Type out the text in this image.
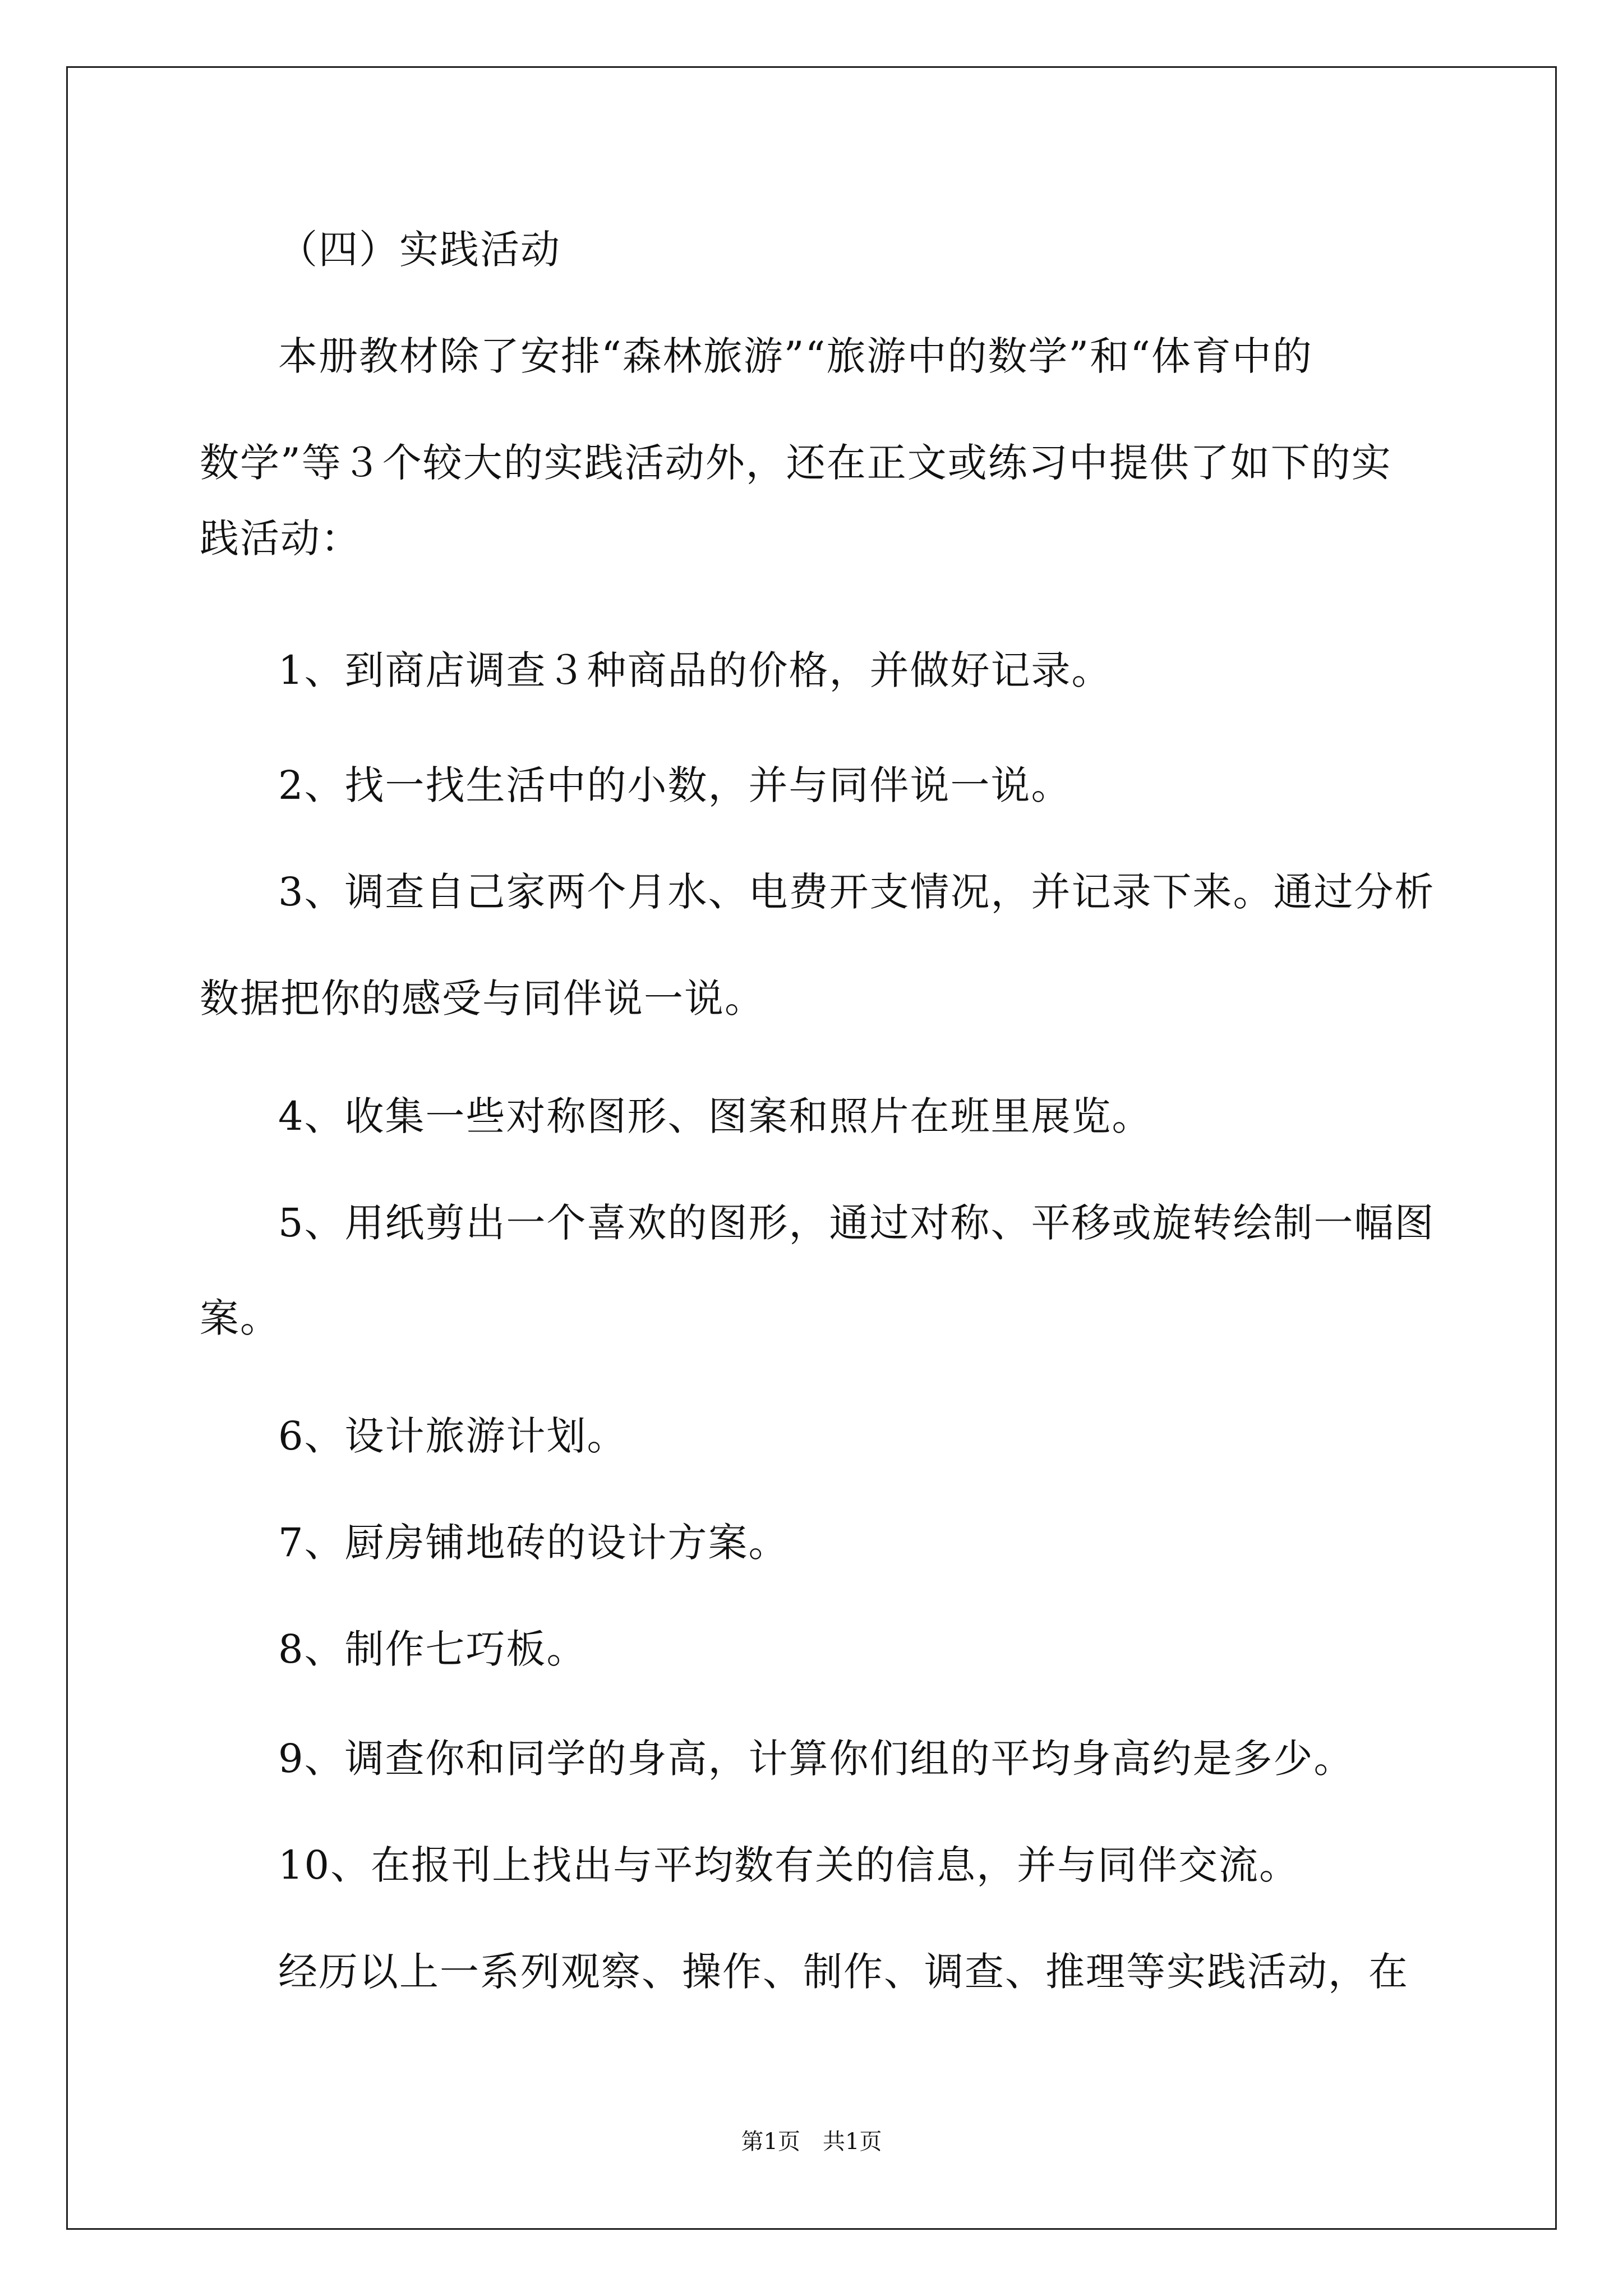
（四）实践活动
本册教材除了安排“森林旅游”“旅游中的数学”和“体育中的
数学”等３个较大的实践活动外，还在正文或练习中提供了如下的实
践活动：
1、到商店调查３种商品的价格，并做好记录。
2、找一找生活中的小数，并与同伴说一说。
3、调查自己家两个月水、电费开支情况，并记录下来。通过分析
数据把你的感受与同伴说一说。
4、收集一些对称图形、图案和照片在班里展览。
5、用纸剪出一个喜欢的图形，通过对称、平移或旋转绘制一幅图
案。
6、设计旅游计划。
7、厨房铺地砖的设计方案。
8、制作七巧板。
9、调查你和同学的身高，计算你们组的平均身高约是多少。
10、在报刊上找出与平均数有关的信息，并与同伴交流。
经历以上一系列观察、操作、制作、调查、推理等实践活动，在
第1页　共1页
